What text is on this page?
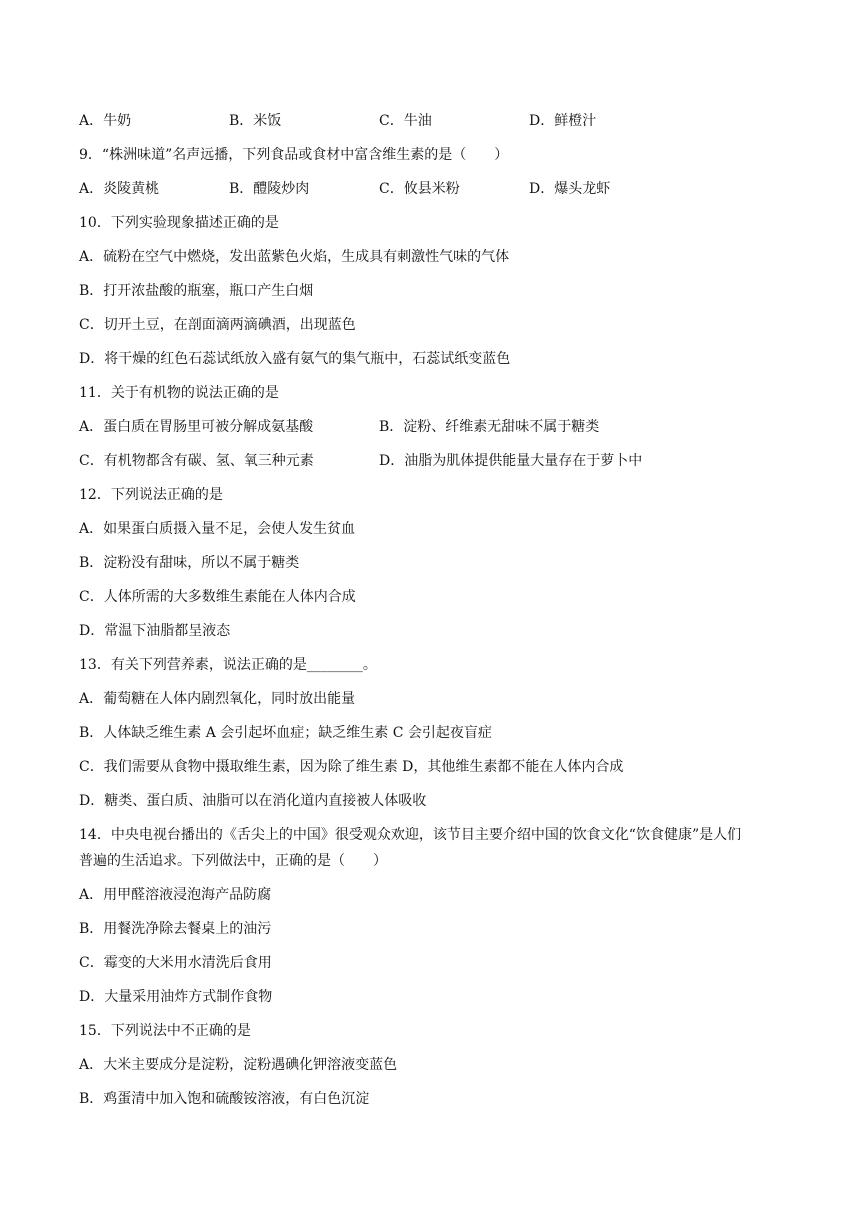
A．牛奶	B．米饭	C．牛油	D．鲜橙汁
9．“株洲味道”名声远播，下列食品或食材中富含维生素的是（　　）
A．炎陵黄桃	B．醴陵炒肉	C．攸县米粉	D．爆头龙虾
10．下列实验现象描述正确的是
A．硫粉在空气中燃烧，发出蓝紫色火焰，生成具有刺激性气味的气体
B．打开浓盐酸的瓶塞，瓶口产生白烟
C．切开土豆，在剖面滴两滴碘酒，出现蓝色
D．将干燥的红色石蕊试纸放入盛有氨气的集气瓶中，石蕊试纸变蓝色
11．关于有机物的说法正确的是
A．蛋白质在胃肠里可被分解成氨基酸	B．淀粉、纤维素无甜味不属于糖类
C．有机物都含有碳、氢、氧三种元素	D．油脂为肌体提供能量大量存在于萝卜中
12．下列说法正确的是
A．如果蛋白质摄入量不足，会使人发生贫血
B．淀粉没有甜味，所以不属于糖类
C．人体所需的大多数维生素能在人体内合成
D．常温下油脂都呈液态
13．有关下列营养素，说法正确的是________。
A．葡萄糖在人体内剧烈氧化，同时放出能量
B．人体缺乏维生素 A 会引起坏血症；缺乏维生素 C 会引起夜盲症
C．我们需要从食物中摄取维生素，因为除了维生素 D，其他维生素都不能在人体内合成
D．糖类、蛋白质、油脂可以在消化道内直接被人体吸收
14．中央电视台播出的《舌尖上的中国》很受观众欢迎，该节目主要介绍中国的饮食文化“饮食健康”是人们
普遍的生活追求。下列做法中，正确的是（　　）
A．用甲醛溶液浸泡海产品防腐
B．用餐洗净除去餐桌上的油污
C．霉变的大米用水清洗后食用
D．大量采用油炸方式制作食物
15．下列说法中不正确的是
A．大米主要成分是淀粉，淀粉遇碘化钾溶液变蓝色
B．鸡蛋清中加入饱和硫酸铵溶液，有白色沉淀
